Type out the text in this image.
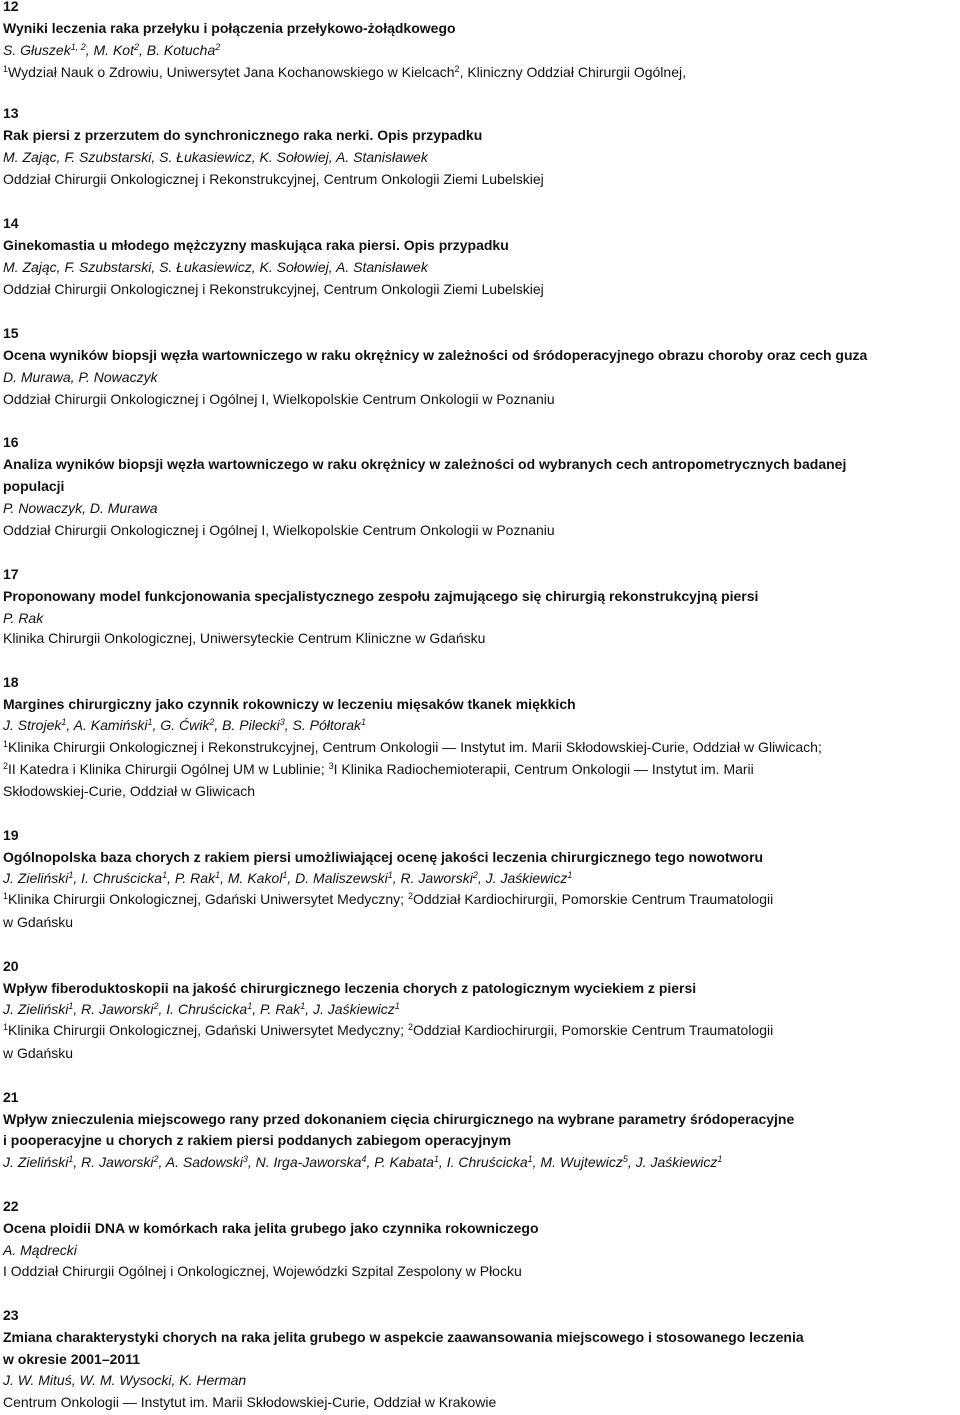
12
Wyniki leczenia raka przełyku i połączenia przełykowo-żołądkowego
S. Głuszek$^{1, 2}$, M. Kot$^2$, B. Kotucha$^2$
$^1$Wydział Nauk o Zdrowiu, Uniwersytet Jana Kochanowskiego w Kielcach$^2$, Kliniczny Oddział Chirurgii Ogólnej,
13
Rak piersi z przerzutem do synchronicznego raka nerki. Opis przypadku
M. Zając, F. Szubstarski, S. Łukasiewicz, K. Sołowiej, A. Stanisławek
Oddział Chirurgii Onkologicznej i Rekonstrukcyjnej, Centrum Onkologii Ziemi Lubelskiej
14
Ginekomastia u młodego mężczyzny maskująca raka piersi. Opis przypadku
M. Zając, F. Szubstarski, S. Łukasiewicz, K. Sołowiej, A. Stanisławek
Oddział Chirurgii Onkologicznej i Rekonstrukcyjnej, Centrum Onkologii Ziemi Lubelskiej
15
Ocena wyników biopsji węzła wartowniczego w raku okrężnicy w zależności od śródoperacyjnego obrazu choroby oraz cech guza
D. Murawa, P. Nowaczyk
Oddział Chirurgii Onkologicznej i Ogólnej I, Wielkopolskie Centrum Onkologii w Poznaniu
16
Analiza wyników biopsji węzła wartowniczego w raku okrężnicy w zależności od wybranych cech antropometrycznych badanej
populacji
P. Nowaczyk, D. Murawa
Oddział Chirurgii Onkologicznej i Ogólnej I, Wielkopolskie Centrum Onkologii w Poznaniu
17
Proponowany model funkcjonowania specjalistycznego zespołu zajmującego się chirurgią rekonstrukcyjną piersi
P. Rak
Klinika Chirurgii Onkologicznej, Uniwersyteckie Centrum Kliniczne w Gdańsku
18
Margines chirurgiczny jako czynnik rokowniczy w leczeniu mięsaków tkanek miękkich
J. Strojek$^1$, A. Kamiński$^1$, G. Ćwik$^2$, B. Pilecki$^3$, S. Półtorak$^1$
$^1$Klinika Chirurgii Onkologicznej i Rekonstrukcyjnej, Centrum Onkologii — Instytut im. Marii Skłodowskiej-Curie, Oddział w Gliwicach;
$^2$II Katedra i Klinika Chirurgii Ogólnej UM w Lublinie; $^3$I Klinika Radiochemioterapii, Centrum Onkologii — Instytut im. Marii
Skłodowskiej-Curie, Oddział w Gliwicach
19
Ogólnopolska baza chorych z rakiem piersi umożliwiającej ocenę jakości leczenia chirurgicznego tego nowotworu
J. Zieliński$^1$, I. Chruścicka$^1$, P. Rak$^1$, M. Kakol$^1$, D. Maliszewski$^1$, R. Jaworski$^2$, J. Jaśkiewicz$^1$
$^1$Klinika Chirurgii Onkologicznej, Gdański Uniwersytet Medyczny; $^2$Oddział Kardiochirurgii, Pomorskie Centrum Traumatologii
w Gdańsku
20
Wpływ fiberoduktoskopii na jakość chirurgicznego leczenia chorych z patologicznym wyciekiem z piersi
J. Zieliński$^1$, R. Jaworski$^2$, I. Chruścicka$^1$, P. Rak$^1$, J. Jaśkiewicz$^1$
$^1$Klinika Chirurgii Onkologicznej, Gdański Uniwersytet Medyczny; $^2$Oddział Kardiochirurgii, Pomorskie Centrum Traumatologii
w Gdańsku
21
Wpływ znieczulenia miejscowego rany przed dokonaniem cięcia chirurgicznego na wybrane parametry śródoperacyjne
i pooperacyjne u chorych z rakiem piersi poddanych zabiegom operacyjnym
J. Zieliński$^1$, R. Jaworski$^2$, A. Sadowski$^3$, N. Irga-Jaworska$^4$, P. Kabata$^1$, I. Chruścicka$^1$, M. Wujtewicz$^5$, J. Jaśkiewicz$^1$
22
Ocena ploidii DNA w komórkach raka jelita grubego jako czynnika rokowniczego
A. Mądrecki
I Oddział Chirurgii Ogólnej i Onkologicznej, Wojewódzki Szpital Zespolony w Płocku
23
Zmiana charakterystyki chorych na raka jelita grubego w aspekcie zaawansowania miejscowego i stosowanego leczenia
w okresie 2001–2011
J. W. Mituś, W. M. Wysocki, K. Herman
Centrum Onkologii — Instytut im. Marii Skłodowskiej-Curie, Oddział w Krakowie
